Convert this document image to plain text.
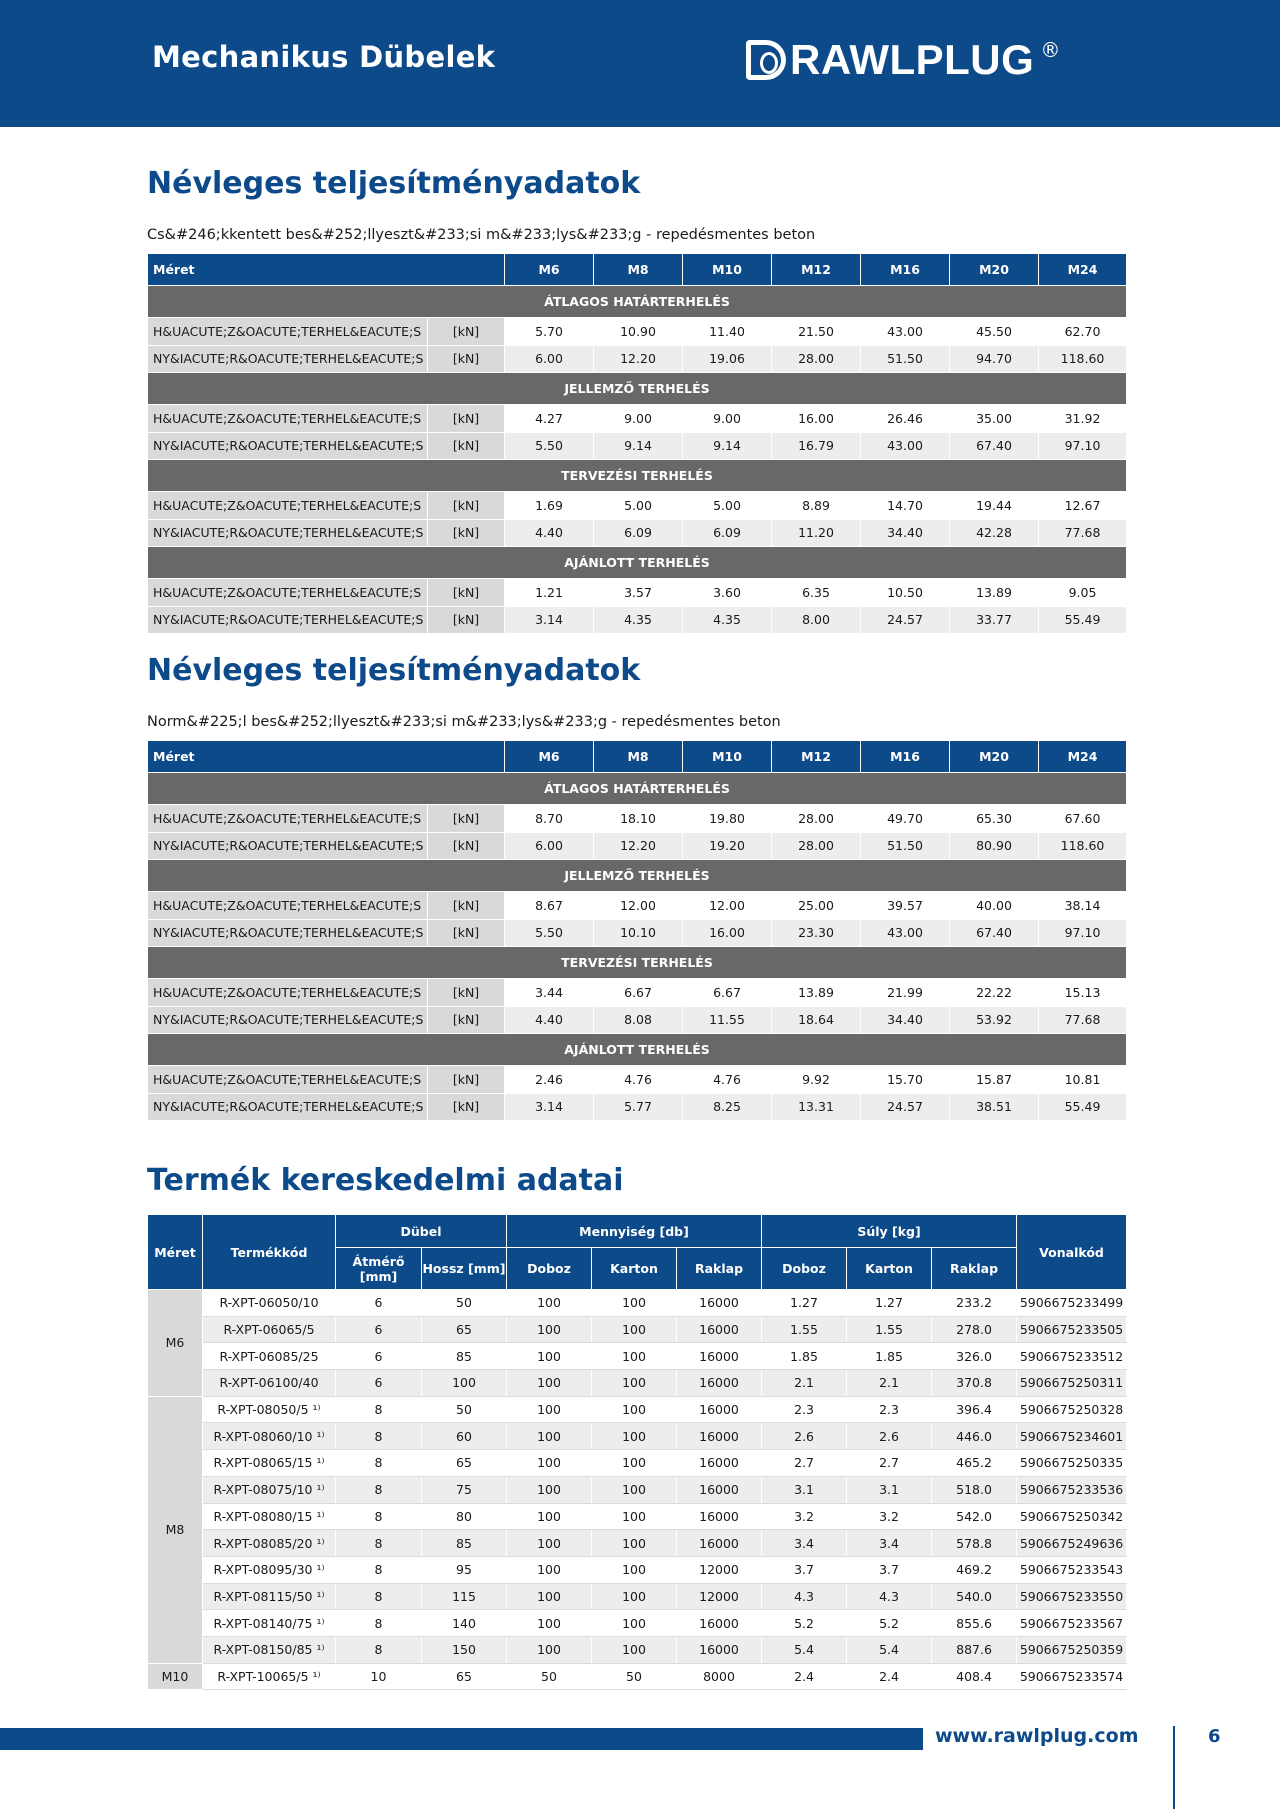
Mechanikus Dübelek	RAWLPLUG ®
Névleges teljesítményadatok
Cs&#246;kkentett bes&#252;llyeszt&#233;si m&#233;lys&#233;g - repedésmentes beton
Méret		M6	M8	M10	M12	M16	M20	M24
ÁTLAGOS HATÁRTERHELÉS								
H&UACUTE;Z&OACUTE;TERHEL&EACUTE;S	[kN]	5.70	10.90	11.40	21.50	43.00	45.50	62.70
NY&IACUTE;R&OACUTE;TERHEL&EACUTE;S	[kN]	6.00	12.20	19.06	28.00	51.50	94.70	118.60
JELLEMZŐ TERHELÉS								
H&UACUTE;Z&OACUTE;TERHEL&EACUTE;S	[kN]	4.27	9.00	9.00	16.00	26.46	35.00	31.92
NY&IACUTE;R&OACUTE;TERHEL&EACUTE;S	[kN]	5.50	9.14	9.14	16.79	43.00	67.40	97.10
TERVEZÉSI TERHELÉS								
H&UACUTE;Z&OACUTE;TERHEL&EACUTE;S	[kN]	1.69	5.00	5.00	8.89	14.70	19.44	12.67
NY&IACUTE;R&OACUTE;TERHEL&EACUTE;S	[kN]	4.40	6.09	6.09	11.20	34.40	42.28	77.68
AJÁNLOTT TERHELÉS								
H&UACUTE;Z&OACUTE;TERHEL&EACUTE;S	[kN]	1.21	3.57	3.60	6.35	10.50	13.89	9.05
NY&IACUTE;R&OACUTE;TERHEL&EACUTE;S	[kN]	3.14	4.35	4.35	8.00	24.57	33.77	55.49
Névleges teljesítményadatok
Norm&#225;l bes&#252;llyeszt&#233;si m&#233;lys&#233;g - repedésmentes beton
Méret		M6	M8	M10	M12	M16	M20	M24
ÁTLAGOS HATÁRTERHELÉS								
H&UACUTE;Z&OACUTE;TERHEL&EACUTE;S	[kN]	8.70	18.10	19.80	28.00	49.70	65.30	67.60
NY&IACUTE;R&OACUTE;TERHEL&EACUTE;S	[kN]	6.00	12.20	19.20	28.00	51.50	80.90	118.60
JELLEMZŐ TERHELÉS								
H&UACUTE;Z&OACUTE;TERHEL&EACUTE;S	[kN]	8.67	12.00	12.00	25.00	39.57	40.00	38.14
NY&IACUTE;R&OACUTE;TERHEL&EACUTE;S	[kN]	5.50	10.10	16.00	23.30	43.00	67.40	97.10
TERVEZÉSI TERHELÉS								
H&UACUTE;Z&OACUTE;TERHEL&EACUTE;S	[kN]	3.44	6.67	6.67	13.89	21.99	22.22	15.13
NY&IACUTE;R&OACUTE;TERHEL&EACUTE;S	[kN]	4.40	8.08	11.55	18.64	34.40	53.92	77.68
AJÁNLOTT TERHELÉS								
H&UACUTE;Z&OACUTE;TERHEL&EACUTE;S	[kN]	2.46	4.76	4.76	9.92	15.70	15.87	10.81
NY&IACUTE;R&OACUTE;TERHEL&EACUTE;S	[kN]	3.14	5.77	8.25	13.31	24.57	38.51	55.49
Termék kereskedelmi adatai
Méret	Termékkód	Dübel		Mennyiség [db]			Súly [kg]			Vonalkód
		Átmérő [mm]	Hossz [mm]	Doboz	Karton	Raklap	Doboz	Karton	Raklap	
M6	R-XPT-06050/10	6	50	100	100	16000	1.27	1.27	233.2	5906675233499
	R-XPT-06065/5	6	65	100	100	16000	1.55	1.55	278.0	5906675233505
	R-XPT-06085/25	6	85	100	100	16000	1.85	1.85	326.0	5906675233512
	R-XPT-06100/40	6	100	100	100	16000	2.1	2.1	370.8	5906675250311
M8	R-XPT-08050/5 ¹⁾	8	50	100	100	16000	2.3	2.3	396.4	5906675250328
	R-XPT-08060/10 ¹⁾	8	60	100	100	16000	2.6	2.6	446.0	5906675234601
	R-XPT-08065/15 ¹⁾	8	65	100	100	16000	2.7	2.7	465.2	5906675250335
	R-XPT-08075/10 ¹⁾	8	75	100	100	16000	3.1	3.1	518.0	5906675233536
	R-XPT-08080/15 ¹⁾	8	80	100	100	16000	3.2	3.2	542.0	5906675250342
	R-XPT-08085/20 ¹⁾	8	85	100	100	16000	3.4	3.4	578.8	5906675249636
	R-XPT-08095/30 ¹⁾	8	95	100	100	12000	3.7	3.7	469.2	5906675233543
	R-XPT-08115/50 ¹⁾	8	115	100	100	12000	4.3	4.3	540.0	5906675233550
	R-XPT-08140/75 ¹⁾	8	140	100	100	16000	5.2	5.2	855.6	5906675233567
	R-XPT-08150/85 ¹⁾	8	150	100	100	16000	5.4	5.4	887.6	5906675250359
M10	R-XPT-10065/5 ¹⁾	10	65	50	50	8000	2.4	2.4	408.4	5906675233574
www.rawlplug.com	6
